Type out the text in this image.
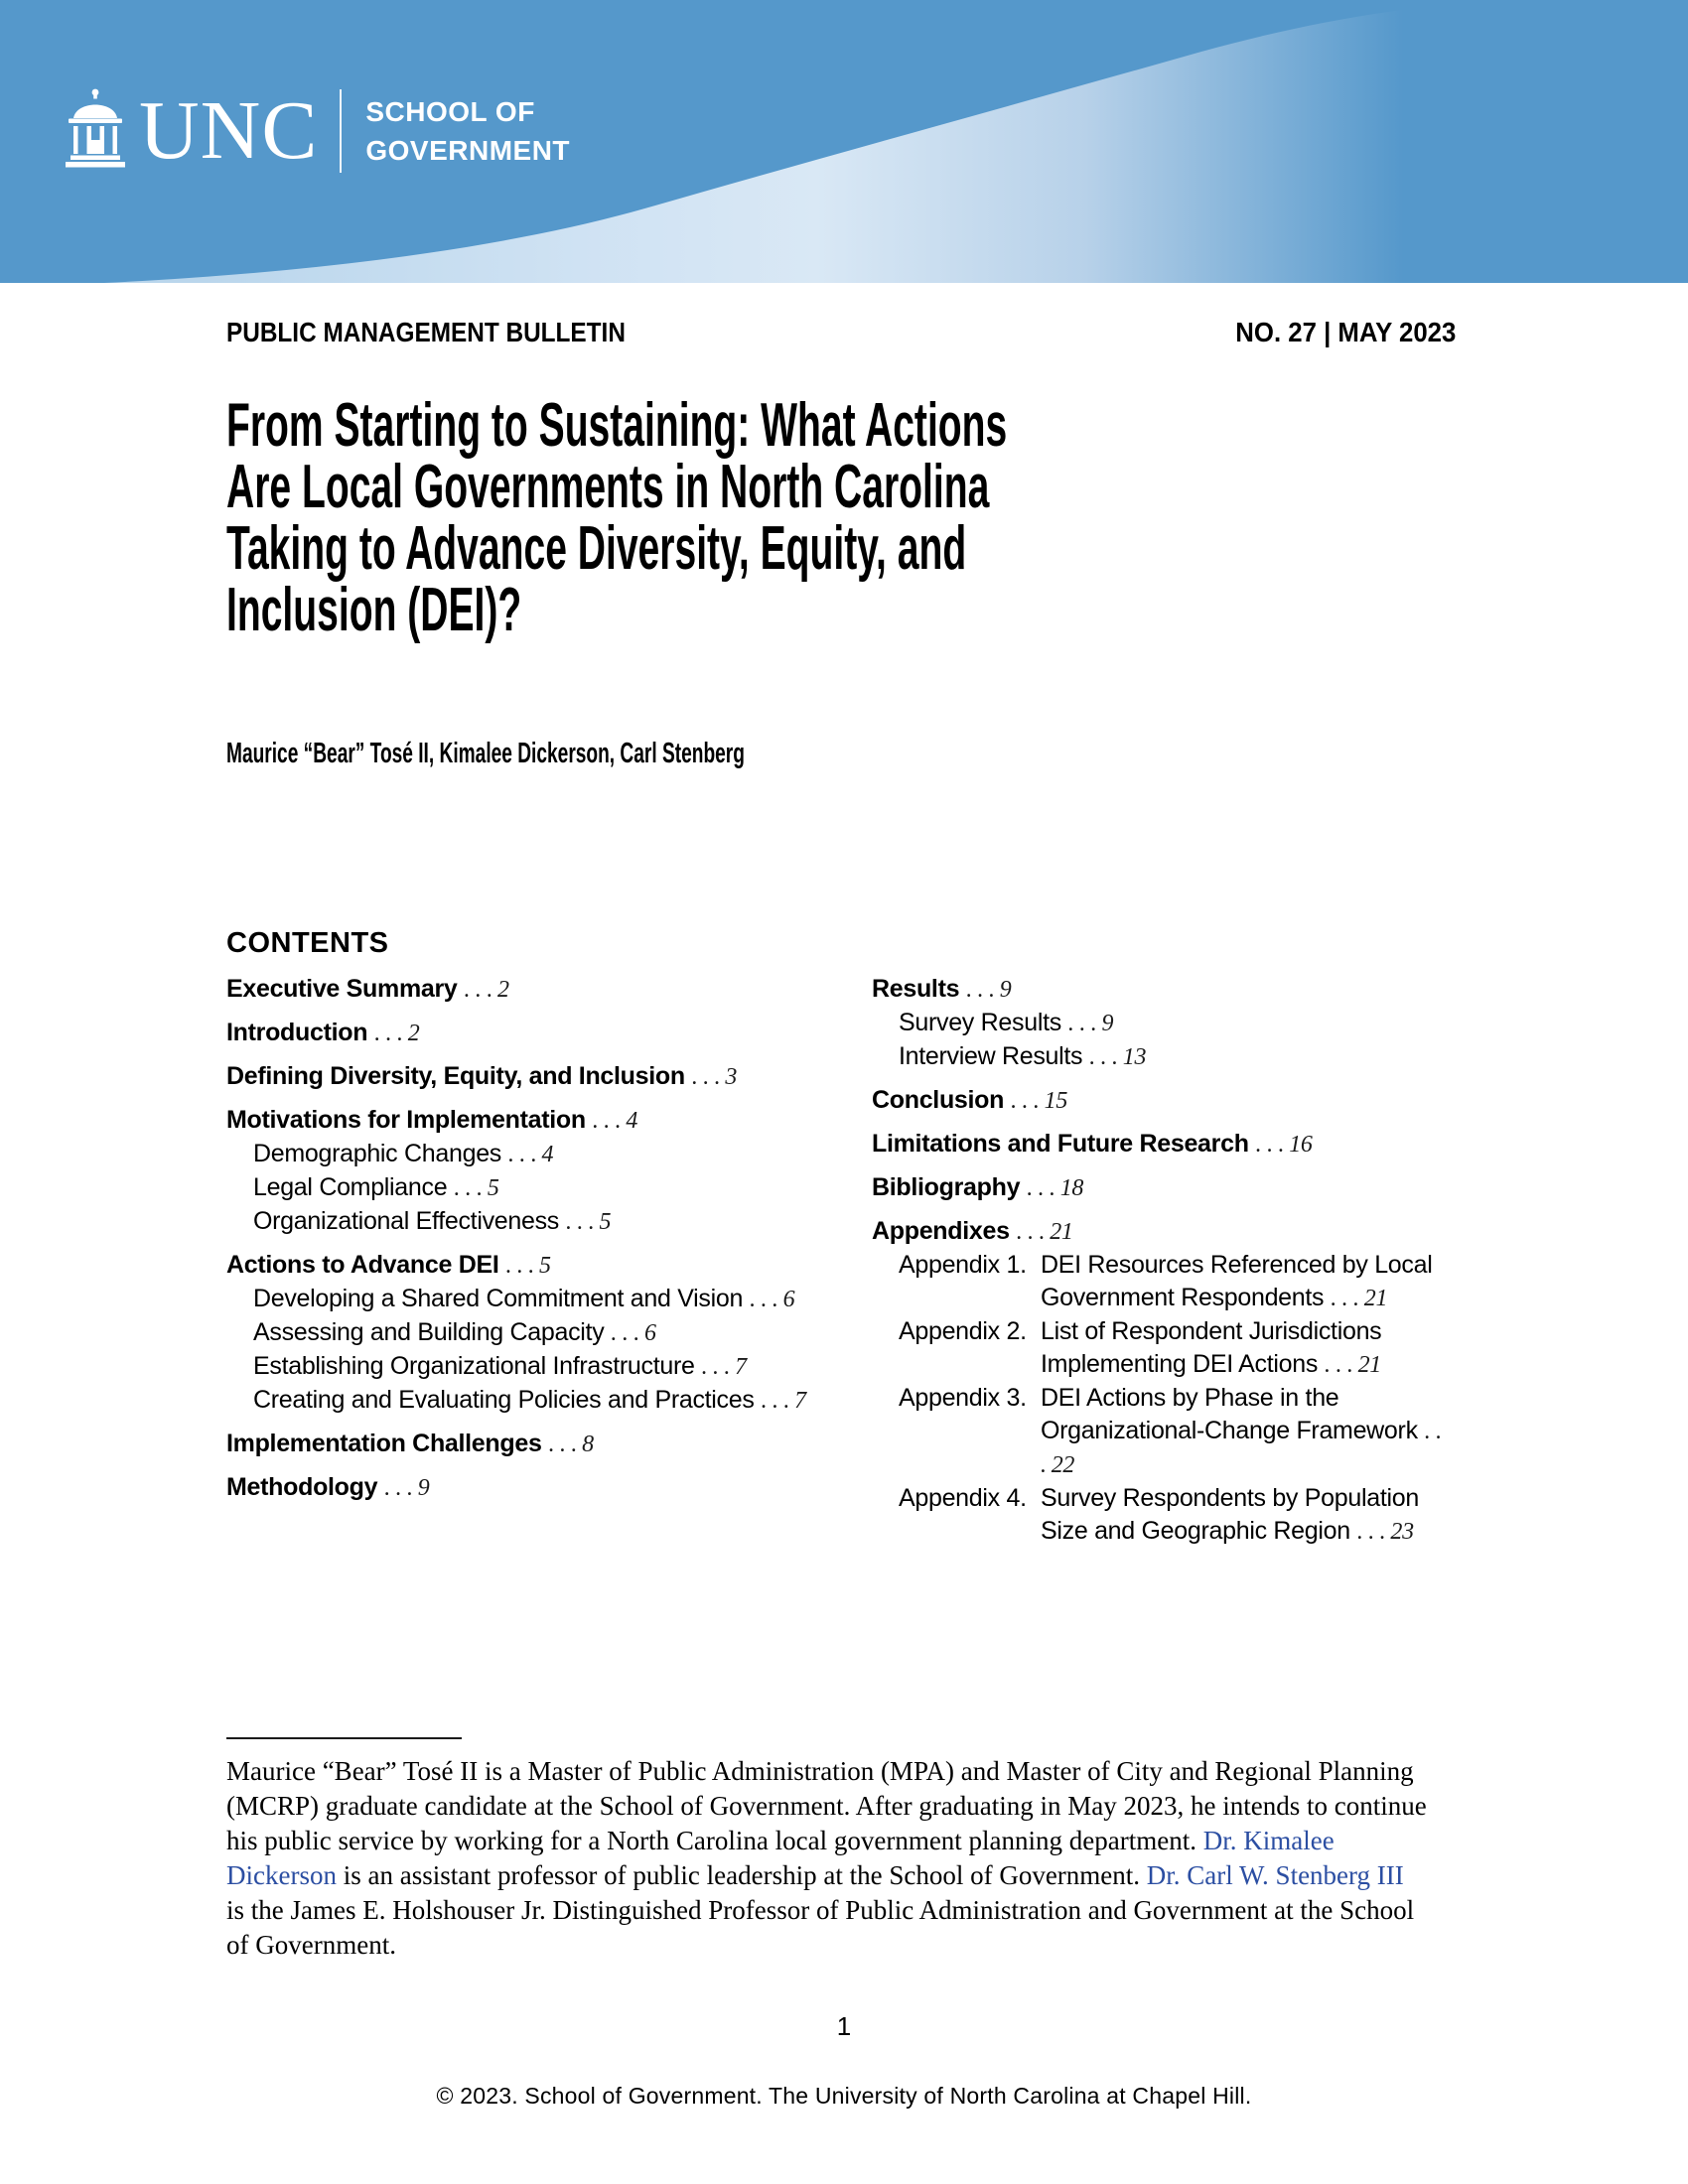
UNC SCHOOL OF
GOVERNMENT
PUBLIC MANAGEMENT BULLETIN	NO. 27 | MAY 2023
From Starting to Sustaining: What Actions
Are Local Governments in North Carolina
Taking to Advance Diversity, Equity, and
Inclusion (DEI)?
Maurice “Bear” Tosé II, Kimalee Dickerson, Carl Stenberg
CONTENTS
Executive Summary . . . 2
Introduction . . . 2
Defining Diversity, Equity, and Inclusion . . . 3
Motivations for Implementation . . . 4
Demographic Changes . . . 4
Legal Compliance . . . 5
Organizational Effectiveness . . . 5
Actions to Advance DEI . . . 5
Developing a Shared Commitment and Vision . . . 6
Assessing and Building Capacity . . . 6
Establishing Organizational Infrastructure . . . 7
Creating and Evaluating Policies and Practices . . . 7
Implementation Challenges . . . 8
Methodology . . . 9
Results . . . 9
Survey Results . . . 9
Interview Results . . . 13
Conclusion . . . 15
Limitations and Future Research . . . 16
Bibliography . . . 18
Appendixes . . . 21
Appendix 1. DEI Resources Referenced by Local
Government Respondents . . . 21
Appendix 2. List of Respondent Jurisdictions
Implementing DEI Actions . . . 21
Appendix 3. DEI Actions by Phase in the
Organizational-Change Framework . . . 22
Appendix 4. Survey Respondents by Population
Size and Geographic Region . . . 23

Maurice “Bear” Tosé II is a Master of Public Administration (MPA) and Master of City and Regional Planning (MCRP) graduate candidate at the School of Government. After graduating in May 2023, he intends to continue his public service by working for a North Carolina local government planning department. Dr. Kimalee Dickerson is an assistant professor of public leadership at the School of Government. Dr. Carl W. Stenberg III is the James E. Holshouser Jr. Distinguished Professor of Public Administration and Government at the School of Government.

1
© 2023. School of Government. The University of North Carolina at Chapel Hill.
